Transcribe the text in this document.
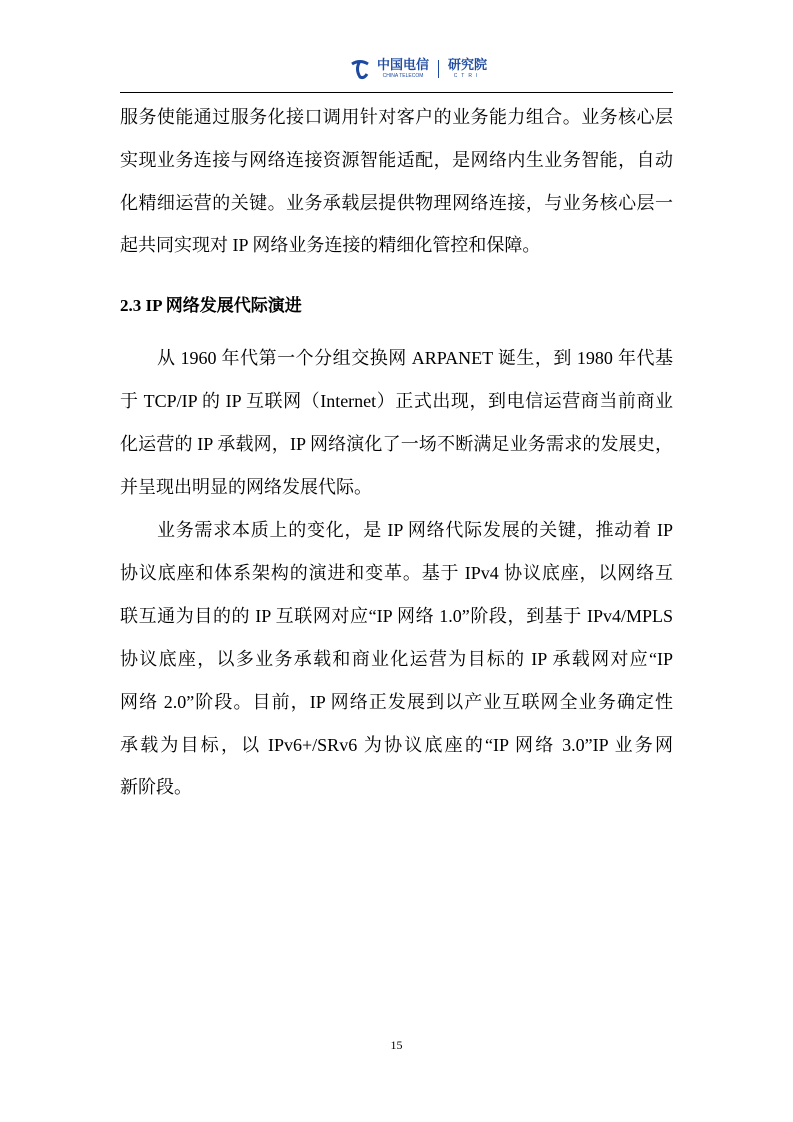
中国电信
CHINA TELECOM
研究院
CTRI
服务使能通过服务化接口调用针对客户的业务能力组合。业务核心层
实现业务连接与网络连接资源智能适配，是网络内生业务智能，自动
化精细运营的关键。业务承载层提供物理网络连接，与业务核心层一
起共同实现对 IP 网络业务连接的精细化管控和保障。
从 1960 年代第一个分组交换网 ARPANET 诞生，到 1980 年代基
于 TCP/IP 的 IP 互联网（Internet）正式出现，到电信运营商当前商业
化运营的 IP 承载网，IP 网络演化了一场不断满足业务需求的发展史，
并呈现出明显的网络发展代际。
业务需求本质上的变化，是 IP 网络代际发展的关键，推动着 IP
协议底座和体系架构的演进和变革。基于 IPv4 协议底座，以网络互
联互通为目的的 IP 互联网对应“IP 网络 1.0”阶段，到基于 IPv4/MPLS
协议底座，以多业务承载和商业化运营为目标的 IP 承载网对应“IP
网络 2.0”阶段。目前，IP 网络正发展到以产业互联网全业务确定性
承载为目标，以 IPv6+/SRv6 为协议底座的“IP 网络 3.0”IP 业务网
新阶段。
2.3 IP 网络发展代际演进
15
